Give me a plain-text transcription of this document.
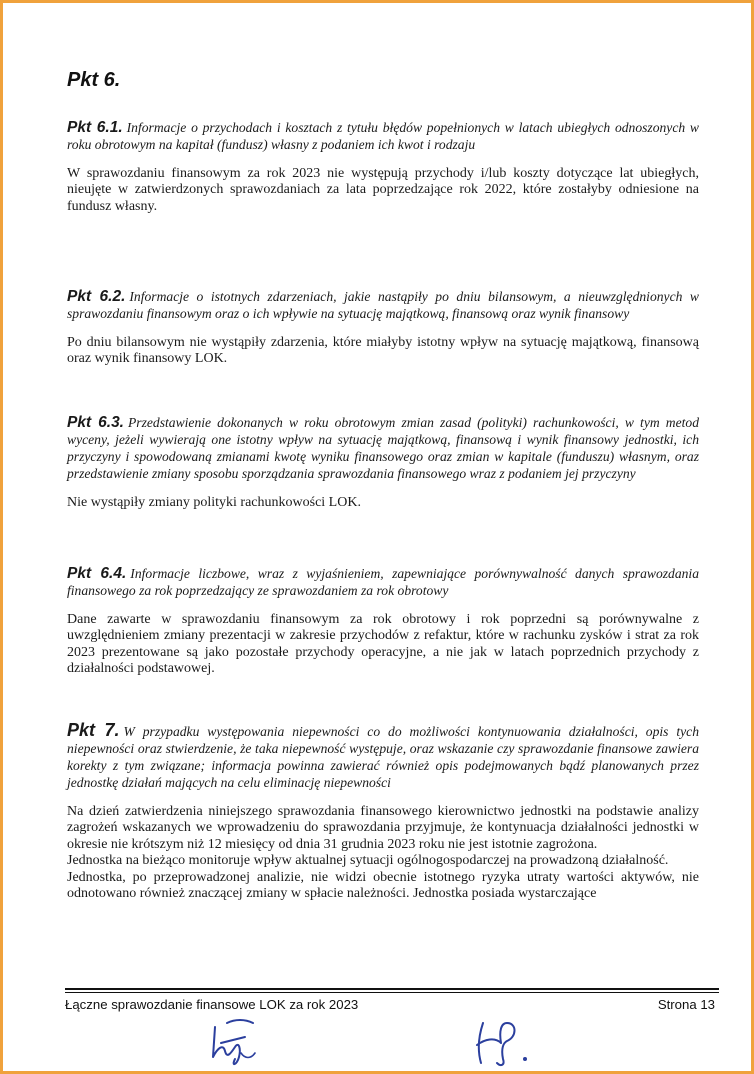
Pkt 6.

Pkt 6.1. Informacje o przychodach i kosztach z tytułu błędów popełnionych w latach ubiegłych odnoszonych w roku obrotowym na kapitał (fundusz) własny z podaniem ich kwot i rodzaju

W sprawozdaniu finansowym za rok 2023 nie występują przychody i/lub koszty dotyczące lat ubiegłych, nieujęte w zatwierdzonych sprawozdaniach za lata poprzedzające rok 2022, które zostałyby odniesione na fundusz własny.

Pkt 6.2. Informacje o istotnych zdarzeniach, jakie nastąpiły po dniu bilansowym, a nieuwzględnionych w sprawozdaniu finansowym oraz o ich wpływie na sytuację majątkową, finansową oraz wynik finansowy

Po dniu bilansowym nie wystąpiły zdarzenia, które miałyby istotny wpływ na sytuację majątkową, finansową oraz wynik finansowy LOK.

Pkt 6.3. Przedstawienie dokonanych w roku obrotowym zmian zasad (polityki) rachunkowości, w tym metod wyceny, jeżeli wywierają one istotny wpływ na sytuację majątkową, finansową i wynik finansowy jednostki, ich przyczyny i spowodowaną zmianami kwotę wyniku finansowego oraz zmian w kapitale (funduszu) własnym, oraz przedstawienie zmiany sposobu sporządzania sprawozdania finansowego wraz z podaniem jej przyczyny

Nie wystąpiły zmiany polityki rachunkowości LOK.

Pkt 6.4. Informacje liczbowe, wraz z wyjaśnieniem, zapewniające porównywalność danych sprawozdania finansowego za rok poprzedzający ze sprawozdaniem za rok obrotowy

Dane zawarte w sprawozdaniu finansowym za rok obrotowy i rok poprzedni są porównywalne z uwzględnieniem zmiany prezentacji w zakresie przychodów z refaktur, które w rachunku zysków i strat za rok 2023 prezentowane są jako pozostałe przychody operacyjne, a nie jak w latach poprzednich przychody z działalności podstawowej.

Pkt 7. W przypadku występowania niepewności co do możliwości kontynuowania działalności, opis tych niepewności oraz stwierdzenie, że taka niepewność występuje, oraz wskazanie czy sprawozdanie finansowe zawiera korekty z tym związane; informacja powinna zawierać również opis podejmowanych bądź planowanych przez jednostkę działań mających na celu eliminację niepewności

Na dzień zatwierdzenia niniejszego sprawozdania finansowego kierownictwo jednostki na podstawie analizy zagrożeń wskazanych we wprowadzeniu do sprawozdania przyjmuje, że kontynuacja działalności jednostki w okresie nie krótszym niż 12 miesięcy od dnia 31 grudnia 2023 roku nie jest istotnie zagrożona.

Jednostka na bieżąco monitoruje wpływ aktualnej sytuacji ogólnogospodarczej na prowadzoną działalność.

Jednostka, po przeprowadzonej analizie, nie widzi obecnie istotnego ryzyka utraty wartości aktywów, nie odnotowano również znaczącej zmiany w spłacie należności. Jednostka posiada wystarczające

Łączne sprawozdanie finansowe LOK za rok 2023	Strona 13
